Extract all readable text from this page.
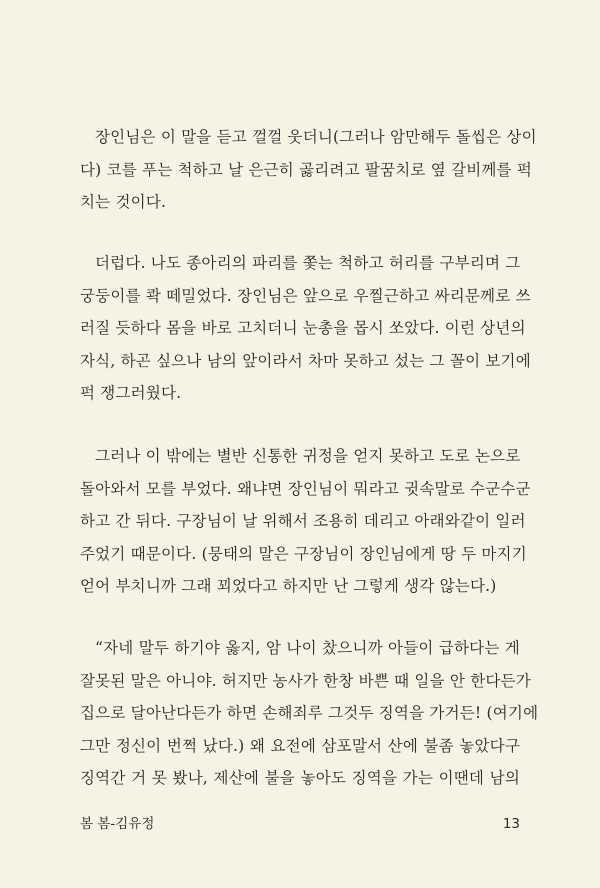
장인님은 이 말을 듣고 껄껄 웃더니(그러나 암만해두 돌씹은 상이
다) 코를 푸는 척하고 날 은근히 곯리려고 팔꿈치로 옆 갈비께를 퍽
치는 것이다.
더럽다. 나도 종아리의 파리를 쫓는 척하고 허리를 구부리며 그
궁둥이를 콱 떼밀었다. 장인님은 앞으로 우찔근하고 싸리문께로 쓰
러질 듯하다 몸을 바로 고치더니 눈총을 몹시 쏘았다. 이런 상년의
자식, 하곤 싶으나 남의 앞이라서 차마 못하고 섰는 그 꼴이 보기에
퍽 쟁그러웠다.
그러나 이 밖에는 별반 신통한 귀정을 얻지 못하고 도로 논으로
돌아와서 모를 부었다. 왜냐면 장인님이 뭐라고 귓속말로 수군수군
하고 간 뒤다. 구장님이 날 위해서 조용히 데리고 아래와같이 일러
주었기 때문이다. (뭉태의 말은 구장님이 장인님에게 땅 두 마지기
얻어 부치니까 그래 꾀었다고 하지만 난 그렇게 생각 않는다.)
“자네 말두 하기야 옳지, 암 나이 찼으니까 아들이 급하다는 게
잘못된 말은 아니야. 허지만 농사가 한창 바쁜 때 일을 안 한다든가
집으로 달아난다든가 하면 손해죄루 그것두 징역을 가거든! (여기에
그만 정신이 번쩍 났다.) 왜 요전에 삼포말서 산에 불좀 놓았다구
징역간 거 못 봤나, 제산에 불을 놓아도 징역을 가는 이땐데 남의
봄 봄-김유정	13
